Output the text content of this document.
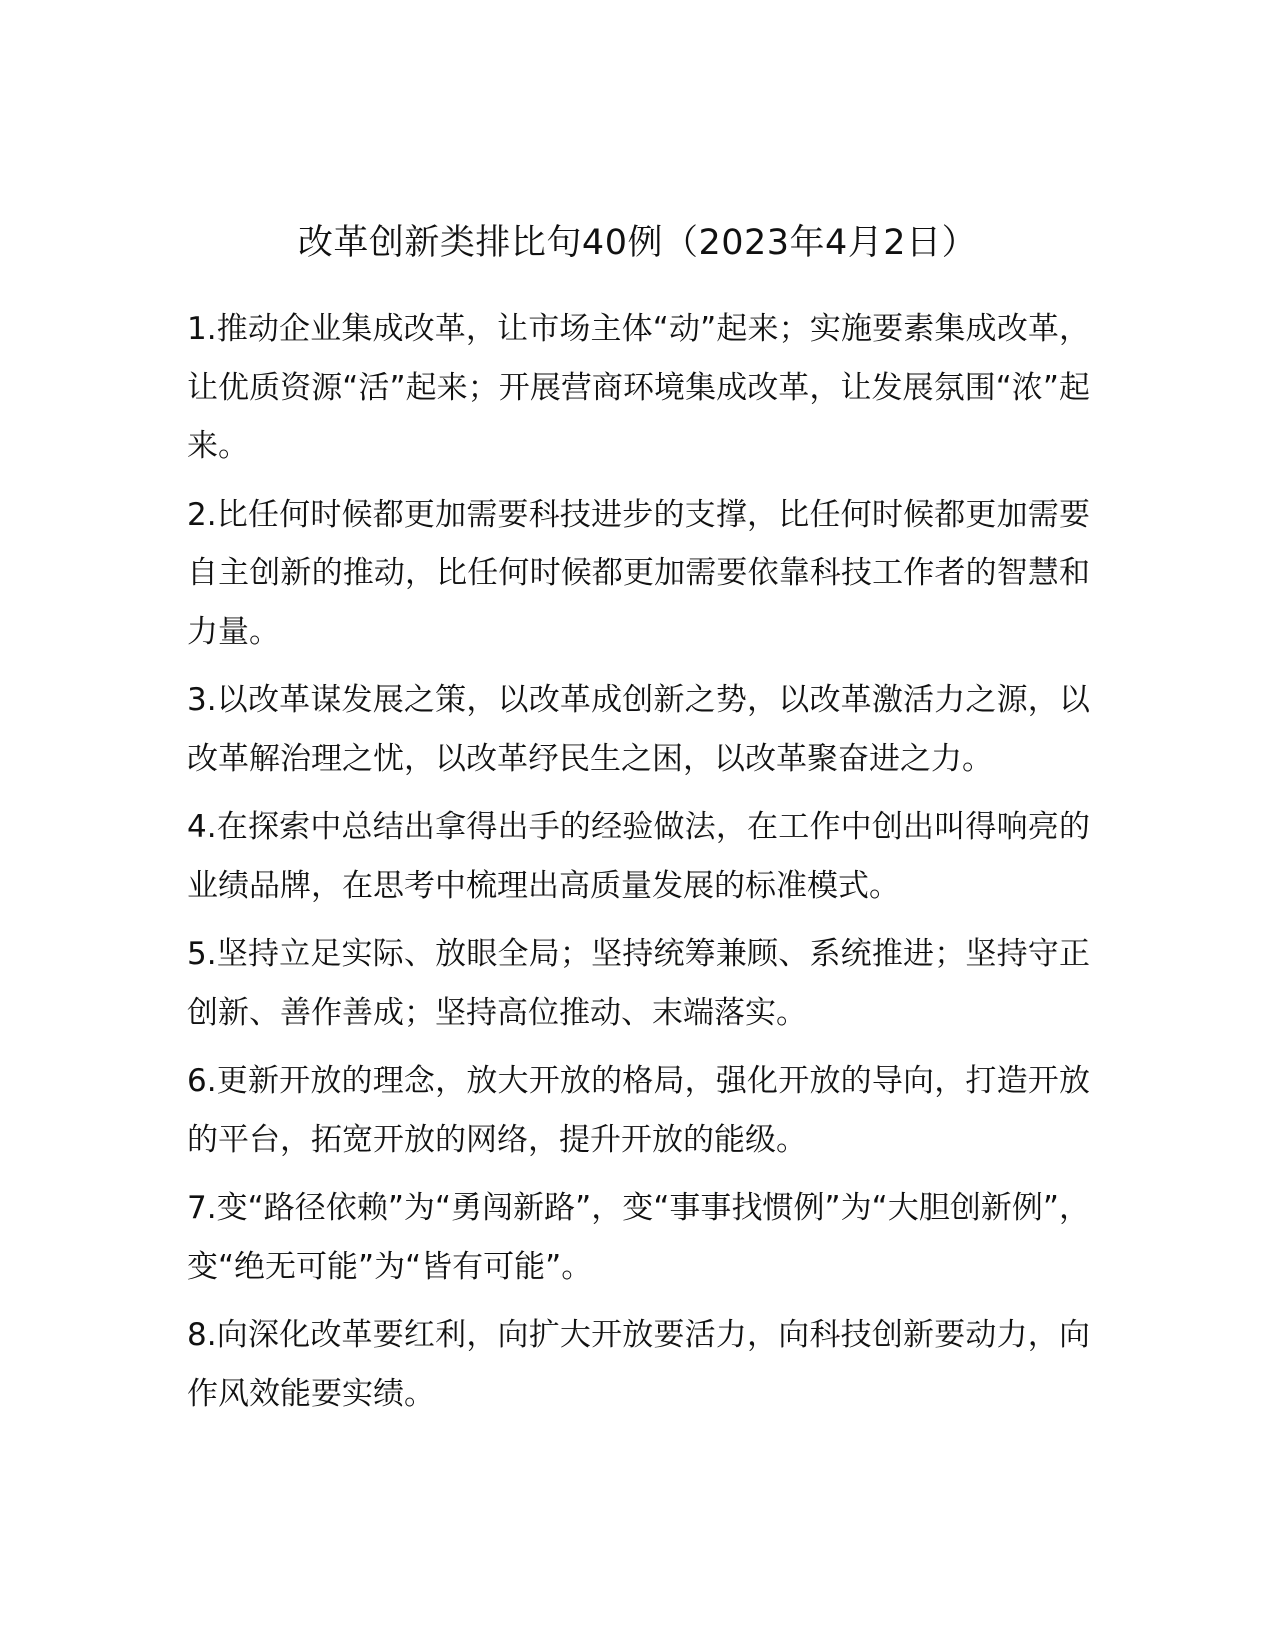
改革创新类排比句40例（2023年4月2日）

1.推动企业集成改革，让市场主体“动”起来；实施要素集成改革，让优质资源“活”起来；开展营商环境集成改革，让发展氛围“浓”起来。

2.比任何时候都更加需要科技进步的支撑，比任何时候都更加需要自主创新的推动，比任何时候都更加需要依靠科技工作者的智慧和力量。

3.以改革谋发展之策，以改革成创新之势，以改革激活力之源，以改革解治理之忧，以改革纾民生之困，以改革聚奋进之力。

4.在探索中总结出拿得出手的经验做法，在工作中创出叫得响亮的业绩品牌，在思考中梳理出高质量发展的标准模式。

5.坚持立足实际、放眼全局；坚持统筹兼顾、系统推进；坚持守正创新、善作善成；坚持高位推动、末端落实。

6.更新开放的理念，放大开放的格局，强化开放的导向，打造开放的平台，拓宽开放的网络，提升开放的能级。

7.变“路径依赖”为“勇闯新路”，变“事事找惯例”为“大胆创新例”，变“绝无可能”为“皆有可能”。

8.向深化改革要红利，向扩大开放要活力，向科技创新要动力，向作风效能要实绩。
